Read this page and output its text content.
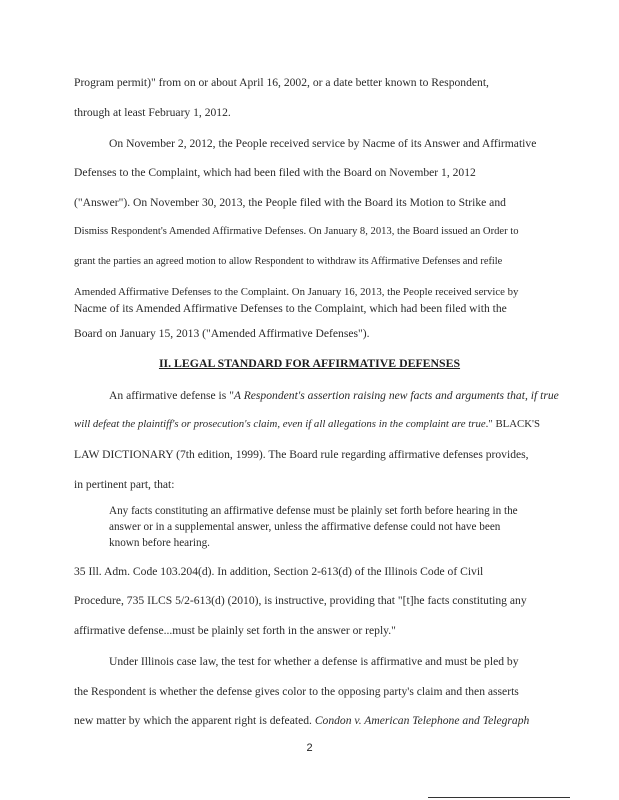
Program permit)" from on or about April 16, 2002, or a date better known to Respondent,
through at least February 1, 2012.
On November 2, 2012, the People received service by Nacme of its Answer and Affirmative
Defenses to the Complaint, which had been filed with the Board on November 1, 2012
("Answer"). On November 30, 2013, the People filed with the Board its Motion to Strike and
Dismiss Respondent's Amended Affirmative Defenses. On January 8, 2013, the Board issued an Order to
grant the parties an agreed motion to allow Respondent to withdraw its Affirmative Defenses and refile
Amended Affirmative Defenses to the Complaint. On January 16, 2013, the People received service by
Nacme of its Amended Affirmative Defenses to the Complaint, which had been filed with the
Board on January 15, 2013 ("Amended Affirmative Defenses").
II. LEGAL STANDARD FOR AFFIRMATIVE DEFENSES
An affirmative defense is "A Respondent's assertion raising new facts and arguments that, if true
will defeat the plaintiff's or prosecution's claim, even if all allegations in the complaint are true." BLACK'S
LAW DICTIONARY (7th edition, 1999). The Board rule regarding affirmative defenses provides,
in pertinent part, that:
Any facts constituting an affirmative defense must be plainly set forth before hearing in the
answer or in a supplemental answer, unless the affirmative defense could not have been
known before hearing.
35 Ill. Adm. Code 103.204(d). In addition, Section 2-613(d) of the Illinois Code of Civil
Procedure, 735 ILCS 5/2-613(d) (2010), is instructive, providing that "[t]he facts constituting any
affirmative defense...must be plainly set forth in the answer or reply."
Under Illinois case law, the test for whether a defense is affirmative and must be pled by
the Respondent is whether the defense gives color to the opposing party's claim and then asserts
new matter by which the apparent right is defeated. Condon v. American Telephone and Telegraph
2
